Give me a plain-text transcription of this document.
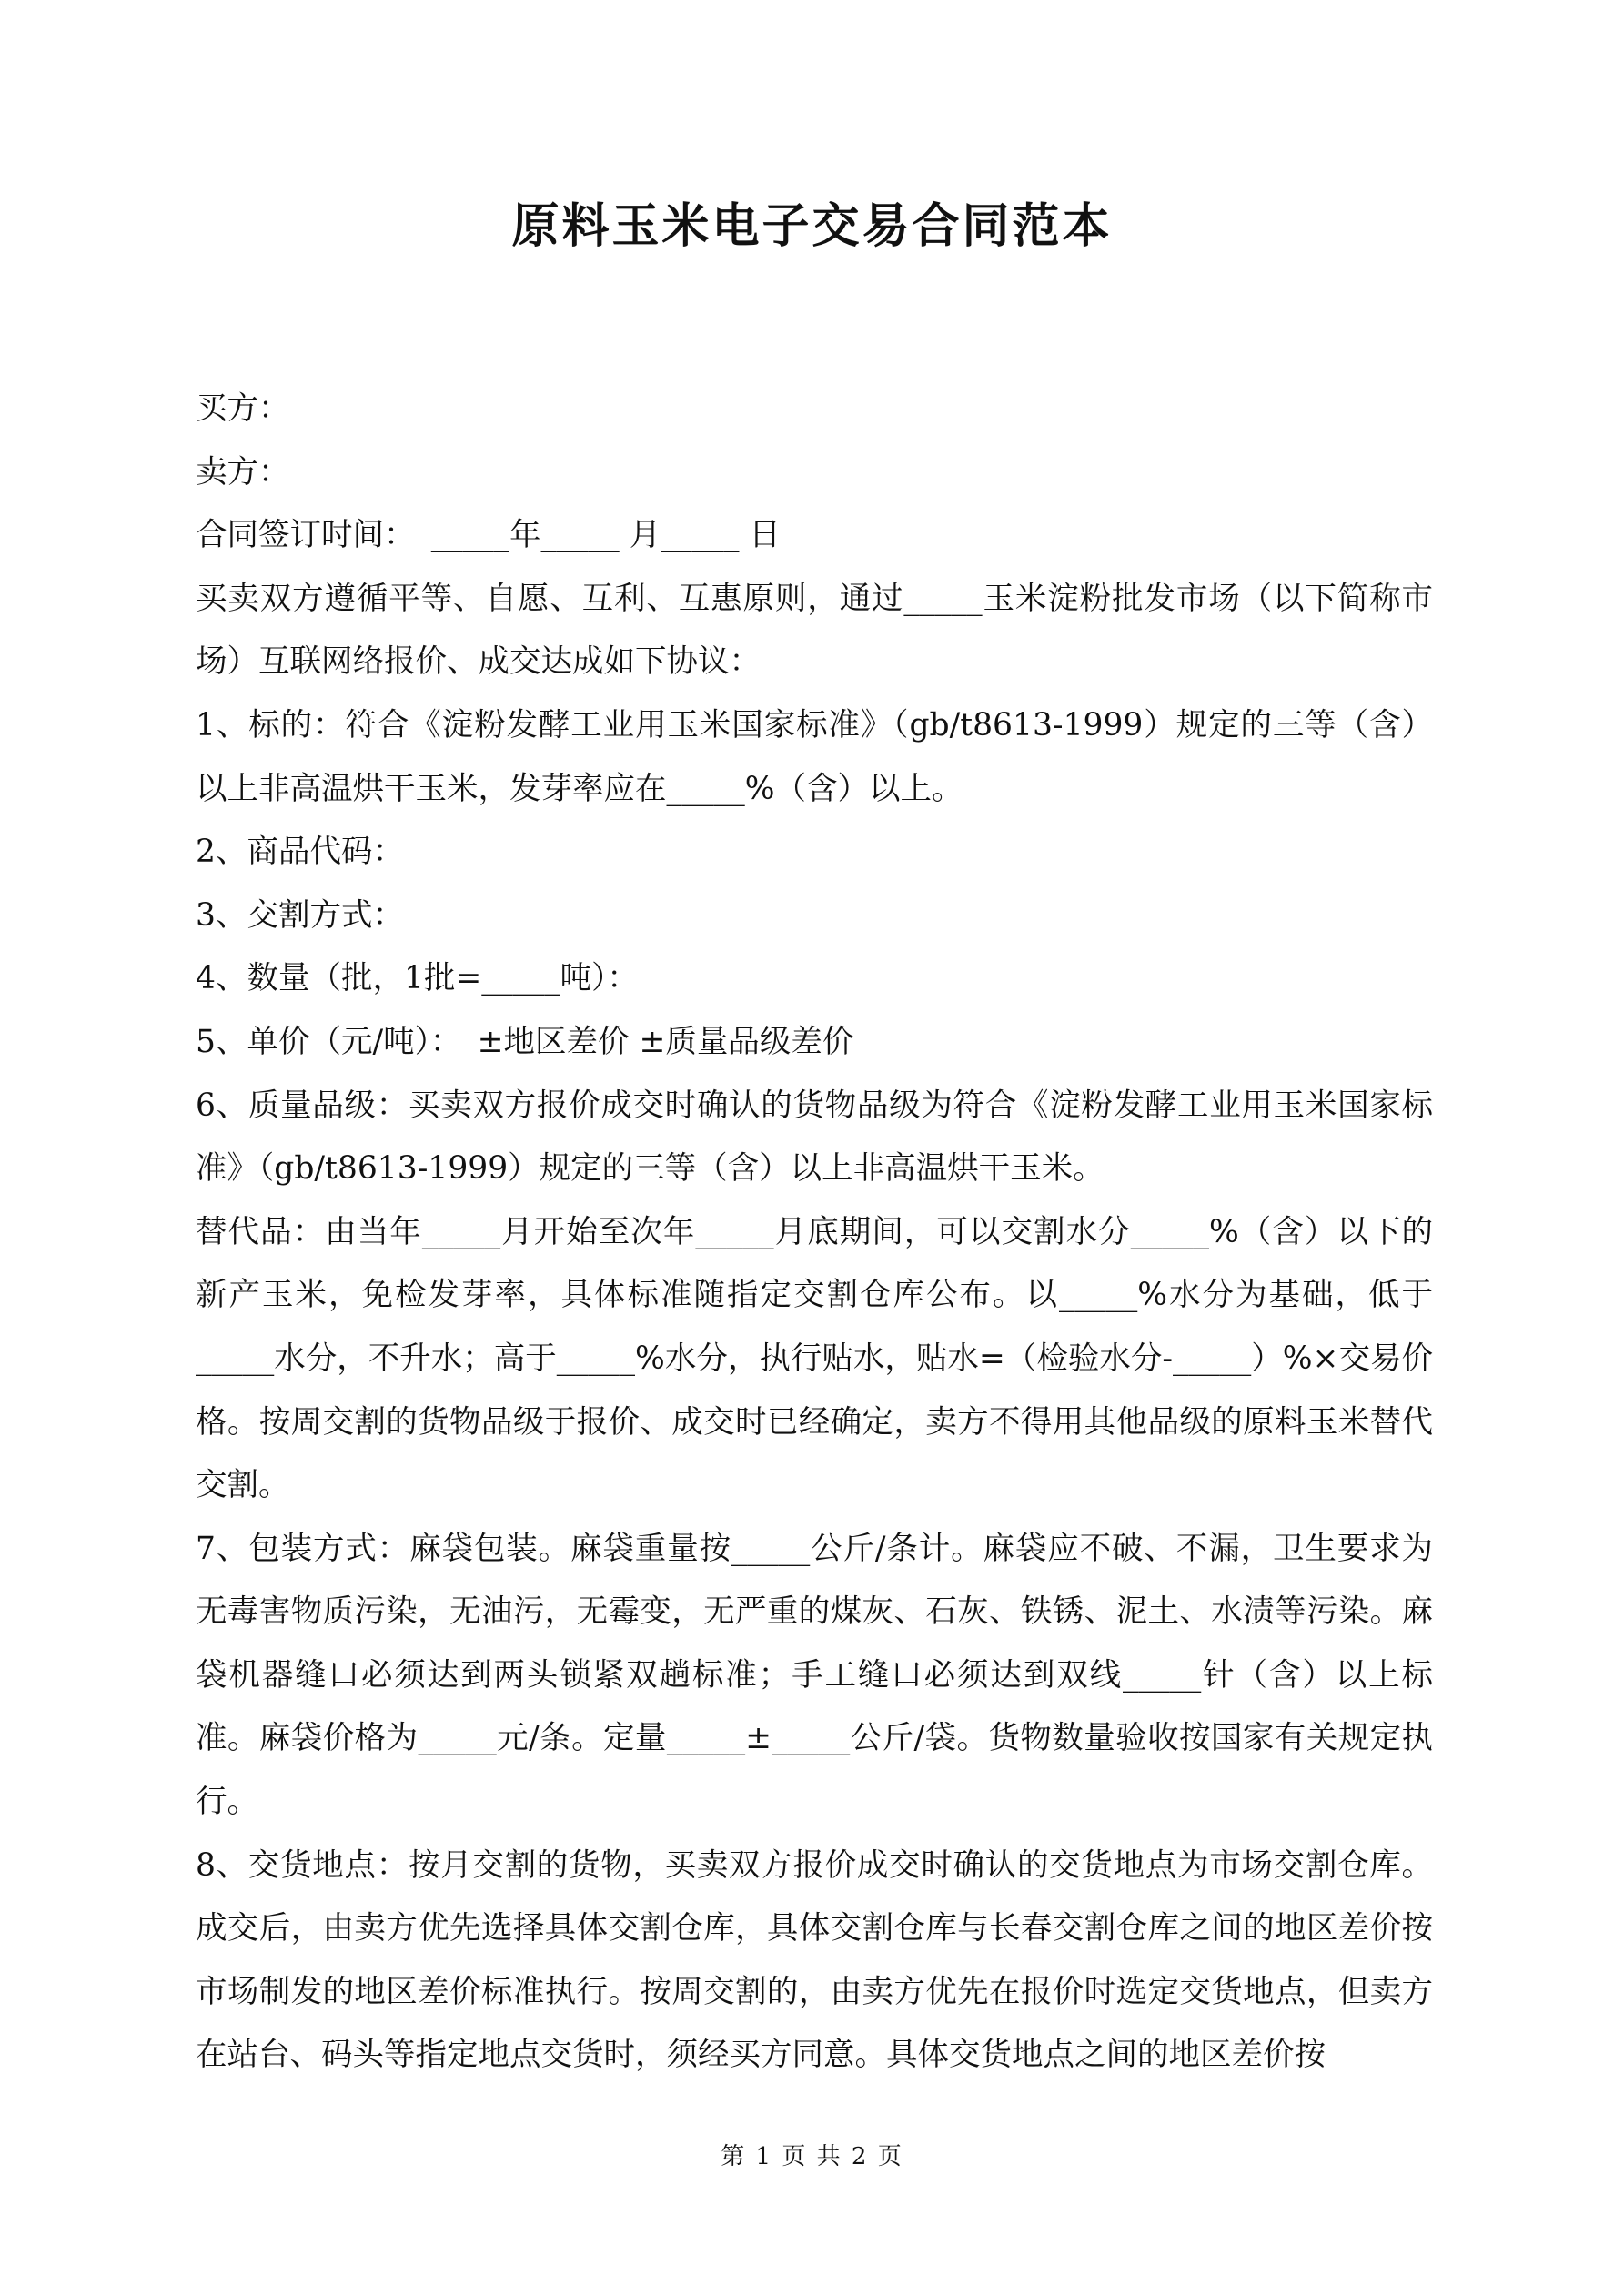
原料玉米电子交易合同范本

买方：

卖方：

合同签订时间：　_____年_____ 月_____ 日

买卖双方遵循平等、自愿、互利、互惠原则，通过_____玉米淀粉批发市场（以下简称市场）互联网络报价、成交达成如下协议：

1、标的：符合《淀粉发酵工业用玉米国家标准》（gb/t8613-1999）规定的三等（含）以上非高温烘干玉米，发芽率应在_____%（含）以上。

2、商品代码：

3、交割方式：

4、数量（批，1批=_____吨）：

5、单价（元/吨）：　±地区差价 ±质量品级差价

6、质量品级：买卖双方报价成交时确认的货物品级为符合《淀粉发酵工业用玉米国家标准》（gb/t8613-1999）规定的三等（含）以上非高温烘干玉米。

替代品：由当年_____月开始至次年_____月底期间，可以交割水分_____%（含）以下的新产玉米，免检发芽率，具体标准随指定交割仓库公布。以_____%水分为基础，低于_____水分，不升水；高于_____%水分，执行贴水，贴水=（检验水分-_____）%×交易价格。按周交割的货物品级于报价、成交时已经确定，卖方不得用其他品级的原料玉米替代交割。

7、包装方式：麻袋包装。麻袋重量按_____公斤/条计。麻袋应不破、不漏，卫生要求为无毒害物质污染，无油污，无霉变，无严重的煤灰、石灰、铁锈、泥土、水渍等污染。麻袋机器缝口必须达到两头锁紧双趟标准；手工缝口必须达到双线_____针（含）以上标准。麻袋价格为_____元/条。定量_____±_____公斤/袋。货物数量验收按国家有关规定执行。

8、交货地点：按月交割的货物，买卖双方报价成交时确认的交货地点为市场交割仓库。成交后，由卖方优先选择具体交割仓库，具体交割仓库与长春交割仓库之间的地区差价按市场制发的地区差价标准执行。按周交割的，由卖方优先在报价时选定交货地点，但卖方在站台、码头等指定地点交货时，须经买方同意。具体交货地点之间的地区差价按

第 1 页 共 2 页
